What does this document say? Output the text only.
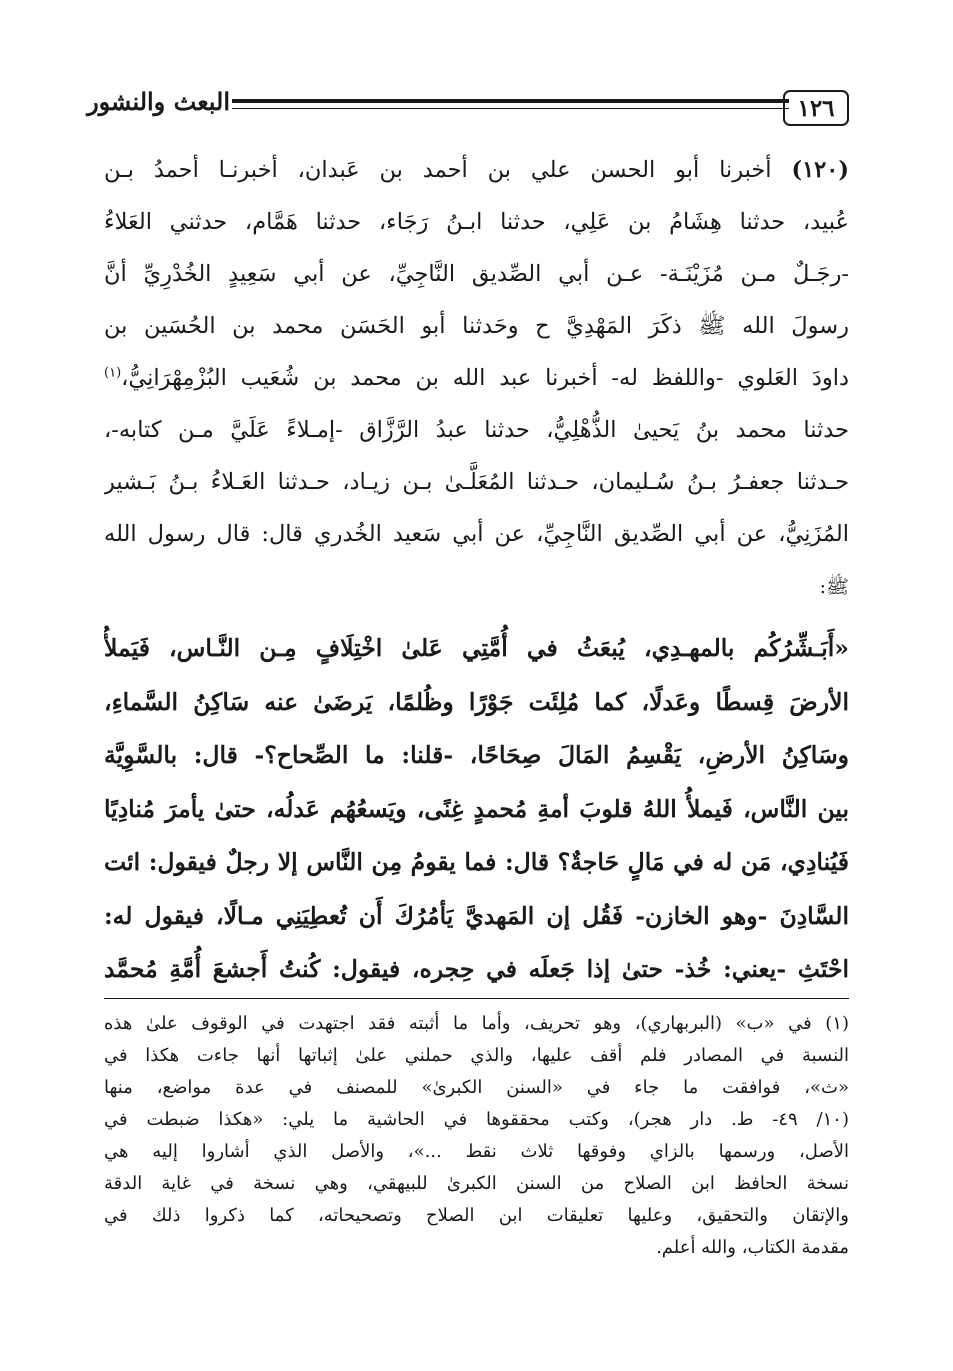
١٢٦
البعث والنشور
(١٢٠) أخبرنا أبو الحسن علي بن أحمد بن عَبدان، أخبرنـا أحمدُ بـن
عُبيد، حدثنا هِشَامُ بن عَلِي، حدثنا ابـنُ رَجَاء، حدثنا هَمَّام، حدثني العَلاءُ
-رجَـلٌ مـن مُزَيْنَـة- عـن أبي الصِّديق النَّاجِيِّ، عن أبي سَعِيدٍ الخُدْرِيِّ أنَّ
رسولَ الله ﷺ ذكَرَ المَهْدِيَّ ح وحَدثنا أبو الحَسَن محمد بن الحُسَين بن
داودَ العَلوي -واللفظ له- أخبرنا عبد الله بن محمد بن شُعَيب البُزْمِهْرَانِيُّ،$^{(١)}$
حدثنا محمد بنُ يَحيىٰ الذُّهْلِيُّ، حدثنا عبدُ الرَّزَّاق -إمـلاءً عَلَيَّ مـن كتابه-،
حـدثنا جعفـرُ بـنُ سُـليمان، حـدثنا المُعَلَّـىٰ بـن زيـاد، حـدثنا العَـلاءُ بـنُ بَـشير
المُزَنِيُّ، عن أبي الصِّديق النَّاجِيِّ، عن أبي سَعيد الخُدري قال: قال رسول الله
ﷺ:
«أَبَـشِّرُكُم بالمهـدِي، يُبعَثُ في أُمَّتِي عَلىٰ اخْتِلَافٍ مِـن النَّـاس، فَيَملأُ
الأرضَ قِسطًا وعَدلًا، كما مُلِئَت جَوْرًا وظُلمًا، يَرضَىٰ عنه سَاكِنُ السَّماءِ،
وسَاكِنُ الأرضِ، يَقْسِمُ المَالَ صِحَاحًا، -قلنا: ما الصِّحاح؟- قال: بالسَّوِيَّة
بين النَّاس، فَيملأُ اللهُ قلوبَ أمةِ مُحمدٍ غِنًى، ويَسعُهُم عَدلُه، حتىٰ يأمرَ مُنادِيًا
فَيُنادِي، مَن له في مَالٍ حَاجةٌ؟ قال: فما يقومُ مِن النَّاس إلا رجلٌ فيقول: ائت
السَّادِنَ -وهو الخازن- فَقُل إن المَهديَّ يَأمُرُكَ أَن تُعطِيَنِي مـالًا، فيقول له:
احْتَثِ -يعني: خُذ- حتىٰ إذا جَعلَه في حِجره، فيقول: كُنتُ أَجشعَ أُمَّةِ مُحمَّد
(١) في «ب» (البربهاري)، وهو تحريف، وأما ما أثبته فقد اجتهدت في الوقوف علىٰ هذه
النسبة في المصادر فلم أقف عليها، والذي حملني علىٰ إثباتها أنها جاءت هكذا في
«ث»، فوافقت ما جاء في «السنن الكبرىٰ» للمصنف في عدة مواضع، منها
(١٠/ ٤٩- ط. دار هجر)، وكتب محققوها في الحاشية ما يلي: «هكذا ضبطت في
الأصل، ورسمها بالزاي وفوقها ثلاث نقط ...»، والأصل الذي أشاروا إليه هي
نسخة الحافظ ابن الصلاح من السنن الكبرىٰ للبيهقي، وهي نسخة في غاية الدقة
والإتقان والتحقيق، وعليها تعليقات ابن الصلاح وتصحيحاته، كما ذكروا ذلك في
مقدمة الكتاب، والله أعلم.
